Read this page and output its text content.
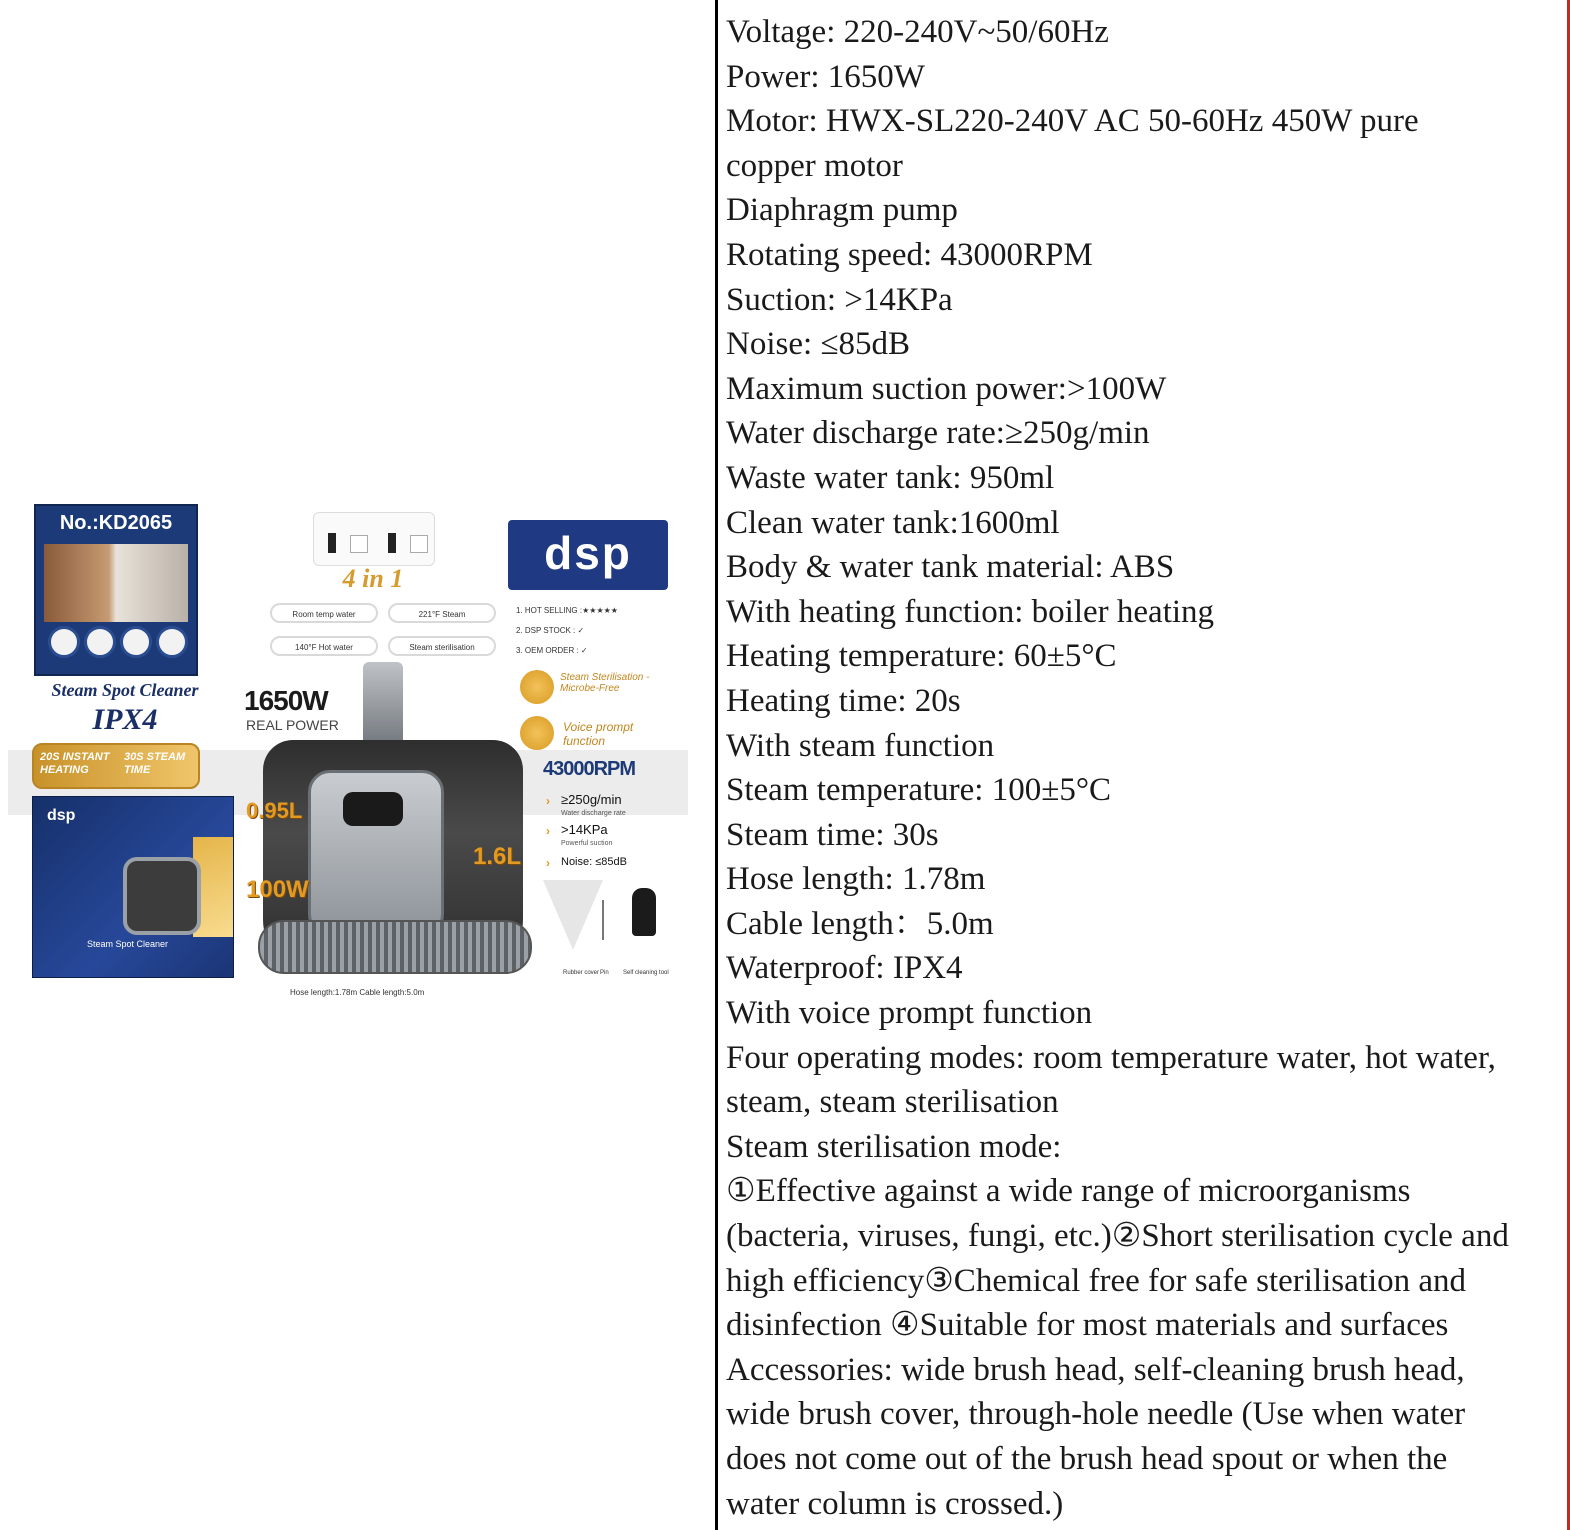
No.:KD2065
Steam Spot Cleaner
IPX4
20S INSTANT
HEATING
30S STEAM
TIME
dsp
Steam Spot Cleaner
4 in 1
Room temp water	221°F Steam
140°F Hot water	Steam sterilisation
1650W
REAL POWER
0.95L
1.6L
100W
Hose length:1.78m Cable length:5.0m
dsp
1. HOT SELLING :★★★★★
2. DSP STOCK : ✓
3. OEM ORDER : ✓
Steam Sterilisation -
Microbe-Free
Voice prompt
function
43000RPM
› ≥250g/min
Water discharge rate
› >14KPa
Powerful suction
› Noise: ≤85dB
Rubber cover Pin Self cleaning tool
Voltage: 220-240V~50/60Hz
Power: 1650W
Motor: HWX-SL220-240V AC 50-60Hz 450W pure
copper motor
Diaphragm pump
Rotating speed: 43000RPM
Suction: >14KPa
Noise: ≤85dB
Maximum suction power:>100W
Water discharge rate:≥250g/min
Waste water tank: 950ml
Clean water tank:1600ml
Body & water tank material: ABS
With heating function: boiler heating
Heating temperature: 60±5°C
Heating time: 20s
With steam function
Steam temperature: 100±5°C
Steam time: 30s
Hose length: 1.78m
Cable length：5.0m
Waterproof: IPX4
With voice prompt function
Four operating modes: room temperature water, hot water,
steam, steam sterilisation
Steam sterilisation mode:
①Effective against a wide range of microorganisms
(bacteria, viruses, fungi, etc.)②Short sterilisation cycle and
high efficiency③Chemical free for safe sterilisation and
disinfection ④Suitable for most materials and surfaces
Accessories: wide brush head, self-cleaning brush head,
wide brush cover, through-hole needle (Use when water
does not come out of the brush head spout or when the
water column is crossed.)
